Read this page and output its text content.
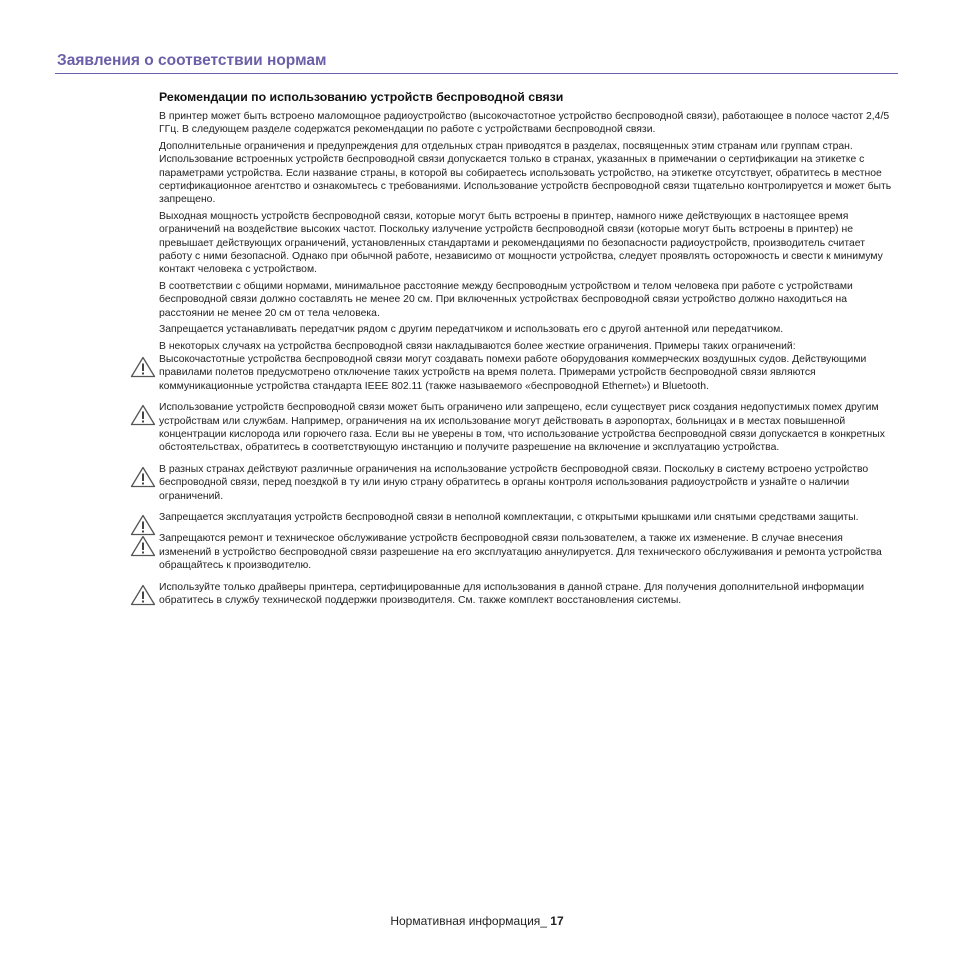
Заявления о соответствии нормам
Рекомендации по использованию устройств беспроводной связи

В принтер может быть встроено маломощное радиоустройство (высокочастотное устройство беспроводной связи), работающее в полосе частот 2,4/5 ГГц. В следующем разделе содержатся рекомендации по работе с устройствами беспроводной связи.

Дополнительные ограничения и предупреждения для отдельных стран приводятся в разделах, посвященных этим странам или группам стран. Использование встроенных устройств беспроводной связи допускается только в странах, указанных в примечании о сертификации на этикетке с параметрами устройства. Если название страны, в которой вы собираетесь использовать устройство, на этикетке отсутствует, обратитесь в местное сертификационное агентство и ознакомьтесь с требованиями. Использование устройств беспроводной связи тщательно контролируется и может быть запрещено.

Выходная мощность устройств беспроводной связи, которые могут быть встроены в принтер, намного ниже действующих в настоящее время ограничений на воздействие высоких частот. Поскольку излучение устройств беспроводной связи (которые могут быть встроены в принтер) не превышает действующих ограничений, установленных стандартами и рекомендациями по безопасности радиоустройств, производитель считает работу с ними безопасной. Однако при обычной работе, независимо от мощности устройства, следует проявлять осторожность и свести к минимуму контакт человека с устройством.

В соответствии с общими нормами, минимальное расстояние между беспроводным устройством и телом человека при работе с устройствами беспроводной связи должно составлять не менее 20 см. При включенных устройствах беспроводной связи устройство должно находиться на расстоянии не менее 20 см от тела человека.

Запрещается устанавливать передатчик рядом с другим передатчиком и использовать его с другой антенной или передатчиком.

В некоторых случаях на устройства беспроводной связи накладываются более жесткие ограничения. Примеры таких ограничений:

Высокочастотные устройства беспроводной связи могут создавать помехи работе оборудования коммерческих воздушных судов. Действующими правилами полетов предусмотрено отключение таких устройств на время полета. Примерами устройств беспроводной связи являются коммуникационные устройства стандарта IEEE 802.11 (также называемого «беспроводной Ethernet») и Bluetooth.

Использование устройств беспроводной связи может быть ограничено или запрещено, если существует риск создания недопустимых помех другим устройствам или службам. Например, ограничения на их использование могут действовать в аэропортах, больницах и в местах повышенной концентрации кислорода или горючего газа. Если вы не уверены в том, что использование устройства беспроводной связи допускается в конкретных обстоятельствах, обратитесь в соответствующую инстанцию и получите разрешение на включение и эксплуатацию устройства.

В разных странах действуют различные ограничения на использование устройств беспроводной связи. Поскольку в систему встроено устройство беспроводной связи, перед поездкой в ту или иную страну обратитесь в органы контроля использования радиоустройств и узнайте о наличии ограничений.

Запрещается эксплуатация устройств беспроводной связи в неполной комплектации, с открытыми крышками или снятыми средствами защиты.

Запрещаются ремонт и техническое обслуживание устройств беспроводной связи пользователем, а также их изменение. В случае внесения изменений в устройство беспроводной связи разрешение на его эксплуатацию аннулируется. Для технического обслуживания и ремонта устройства обращайтесь к производителю.

Используйте только драйверы принтера, сертифицированные для использования в данной стране. Для получения дополнительной информации обратитесь в службу технической поддержки производителя. См. также комплект восстановления системы.

Нормативная информация_ 17
